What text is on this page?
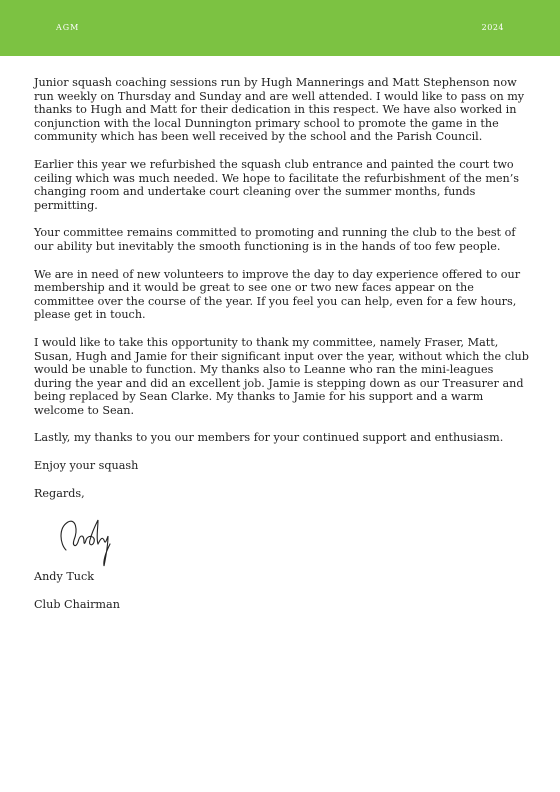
AGM	2024

Junior squash coaching sessions run by Hugh Mannerings and Matt Stephenson now run weekly on Thursday and Sunday and are well attended. I would like to pass on my thanks to Hugh and Matt for their dedication in this respect. We have also worked in conjunction with the local Dunnington primary school to promote the game in the community which has been well received by the school and the Parish Council.

Earlier this year we refurbished the squash club entrance and painted the court two ceiling which was much needed. We hope to facilitate the refurbishment of the men’s changing room and undertake court cleaning over the summer months, funds permitting.

Your committee remains committed to promoting and running the club to the best of our ability but inevitably the smooth functioning is in the hands of too few people.

We are in need of new volunteers to improve the day to day experience offered to our membership and it would be great to see one or two new faces appear on the committee over the course of the year. If you feel you can help, even for a few hours, please get in touch.

I would like to take this opportunity to thank my committee, namely Fraser, Matt, Susan, Hugh and Jamie for their significant input over the year, without which the club would be unable to function. My thanks also to Leanne who ran the mini-leagues during the year and did an excellent job. Jamie is stepping down as our Treasurer and being replaced by Sean Clarke. My thanks to Jamie for his support and a warm welcome to Sean.

Lastly, my thanks to you our members for your continued support and enthusiasm.

Enjoy your squash

Regards,

Andy Tuck

Club Chairman
